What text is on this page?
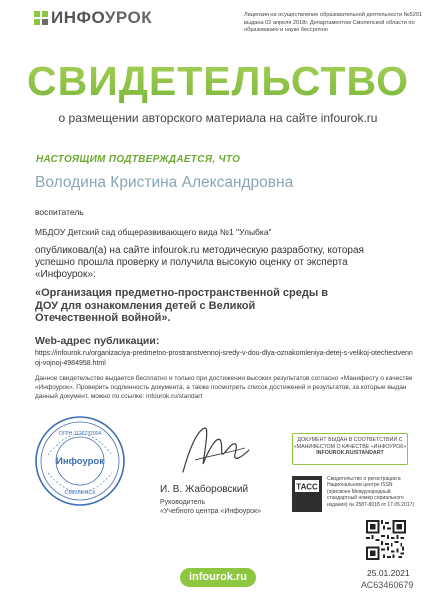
ИНФОУРОК	Лицензия на осуществление образовательной деятельности №5201 выдана 02 апреля 2018г. Департаментом Смоленской области по образованию и науке бессрочно
СВИДЕТЕЛЬСТВО
о размещении авторского материала на сайте infourok.ru
НАСТОЯЩИМ ПОДТВЕРЖДАЕТСЯ, ЧТО
Володина Кристина Александровна
воспитатель
МБДОУ Детский сад общеразвивающего вида №1 "Улыбка"
опубликовал(а) на сайте infourok.ru методическую разработку, которая успешно прошла проверку и получила высокую оценку от эксперта «Инфоурок»:
«Организация предметно-пространственной среды в ДОУ для ознакомления детей с Великой Отечественной войной».
Web-адрес публикации:
https://infourok.ru/organizaciya-predmetno-prostranstvennoj-sredy-v-dou-dlya-oznakomleniya-detej-s-velikoj-otechestvennoj-vojnoj-4984958.html
Данное свидетельство выдается бесплатно и только при достижении высоких результатов согласно «Манифесту о качестве «Инфоурок». Проверить подлинность документа, а также посмотреть список достижений и результатов, за которые выдан данный документ, можно по ссылке: infourok.ru/standart
Инфоурок
ОГРН 1126732004
СМОЛЕНСК	И. В. Жаборовский
Руководитель
«Учебного центра «Инфоурок»
ДОКУМЕНТ ВЫДАН В СООТВЕТСТВИИ С
«МАНИФЕСТОМ О КАЧЕСТВЕ «ИНФОУРОК»
INFOUROK.RU/STANDART
ТАСС
Свидетельство о регистрации в Национальном центре ISSN (присвоен Международный стандартный номер сериального издания) № 2587-8018 от 17.05.2017)
infourok.ru	25.01.2021
АС63460679
